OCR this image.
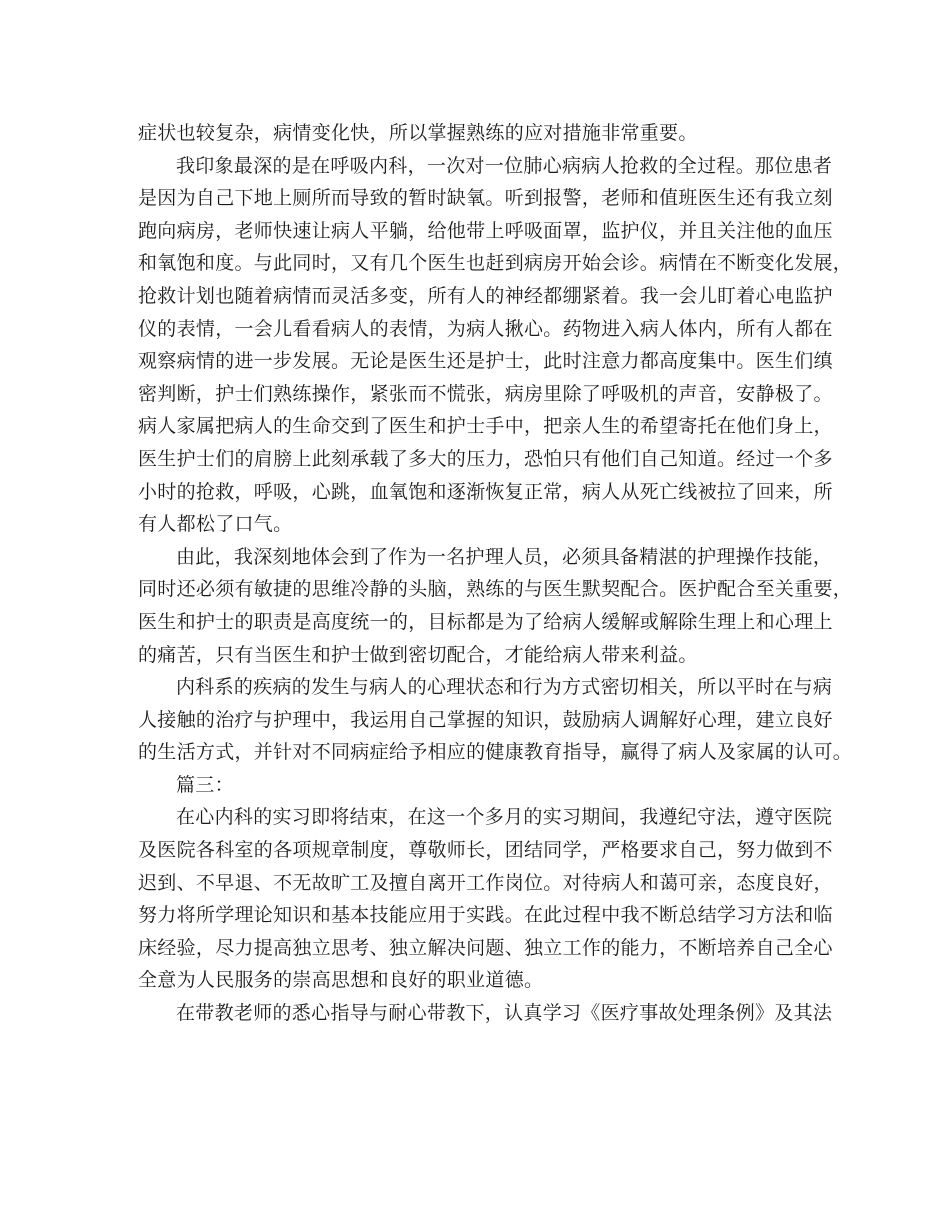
症状也较复杂，病情变化快，所以掌握熟练的应对措施非常重要。
我印象最深的是在呼吸内科，一次对一位肺心病病人抢救的全过程。那位患者
是因为自己下地上厕所而导致的暂时缺氧。听到报警，老师和值班医生还有我立刻
跑向病房，老师快速让病人平躺，给他带上呼吸面罩，监护仪，并且关注他的血压
和氧饱和度。与此同时，又有几个医生也赶到病房开始会诊。病情在不断变化发展，
抢救计划也随着病情而灵活多变，所有人的神经都绷紧着。我一会儿盯着心电监护
仪的表情，一会儿看看病人的表情，为病人揪心。药物进入病人体内，所有人都在
观察病情的进一步发展。无论是医生还是护士，此时注意力都高度集中。医生们缜
密判断，护士们熟练操作，紧张而不慌张，病房里除了呼吸机的声音，安静极了。
病人家属把病人的生命交到了医生和护士手中，把亲人生的希望寄托在他们身上，
医生护士们的肩膀上此刻承载了多大的压力，恐怕只有他们自己知道。经过一个多
小时的抢救，呼吸，心跳，血氧饱和逐渐恢复正常，病人从死亡线被拉了回来，所
有人都松了口气。
由此，我深刻地体会到了作为一名护理人员，必须具备精湛的护理操作技能，
同时还必须有敏捷的思维冷静的头脑，熟练的与医生默契配合。医护配合至关重要，
医生和护士的职责是高度统一的，目标都是为了给病人缓解或解除生理上和心理上
的痛苦，只有当医生和护士做到密切配合，才能给病人带来利益。
内科系的疾病的发生与病人的心理状态和行为方式密切相关，所以平时在与病
人接触的治疗与护理中，我运用自己掌握的知识，鼓励病人调解好心理，建立良好
的生活方式，并针对不同病症给予相应的健康教育指导，赢得了病人及家属的认可。
篇三：
在心内科的实习即将结束，在这一个多月的实习期间，我遵纪守法，遵守医院
及医院各科室的各项规章制度，尊敬师长，团结同学，严格要求自己，努力做到不
迟到、不早退、不无故旷工及擅自离开工作岗位。对待病人和蔼可亲，态度良好，
努力将所学理论知识和基本技能应用于实践。在此过程中我不断总结学习方法和临
床经验，尽力提高独立思考、独立解决问题、独立工作的能力，不断培养自己全心
全意为人民服务的崇高思想和良好的职业道德。
在带教老师的悉心指导与耐心带教下，认真学习《医疗事故处理条例》及其法
